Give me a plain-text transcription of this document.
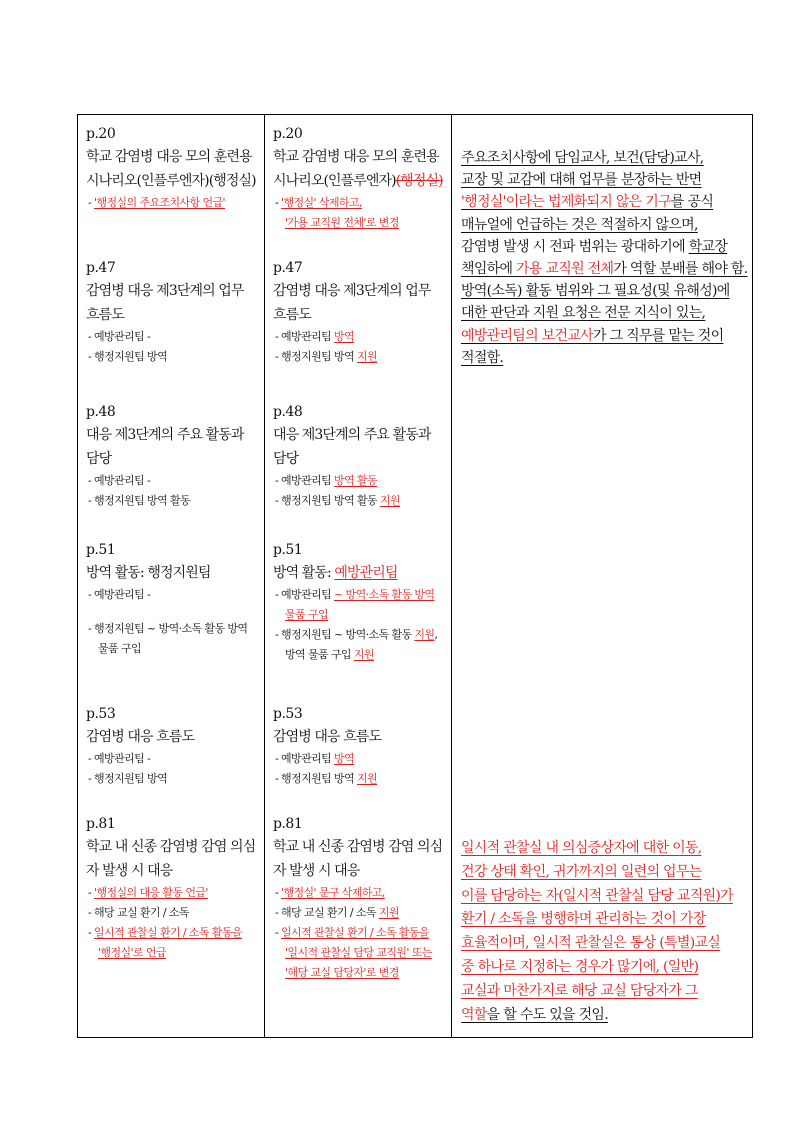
p.20
학교 감염병 대응 모의 훈련용 시나리오(인플루엔자)(행정실)
- '행정실의 주요조치사항 언급'
p.47
감염병 대응 제3단계의 업무 흐름도
- 예방관리팀 -
- 행정지원팀 방역
p.48
대응 제3단계의 주요 활동과 담당
- 예방관리팀 -
- 행정지원팀 방역 활동
p.51
방역 활동: 행정지원팀
- 예방관리팀 -
- 행정지원팀 ~ 방역·소독 활동 방역 물품 구입
p.53
감염병 대응 흐름도
- 예방관리팀 -
- 행정지원팀 방역
p.81
학교 내 신종 감염병 감염 의심자 발생 시 대응
- '행정실의 대응 활동 언급'
- 해당 교실 환기 / 소독
- 일시적 관찰실 환기 / 소독 활동을 '행정실'로 언급
p.20
학교 감염병 대응 모의 훈련용 시나리오(인플루엔자)(행정실)
- '행정실' 삭제하고,
'가용 교직원 전체'로 변경
p.47
감염병 대응 제3단계의 업무 흐름도
- 예방관리팀 방역
- 행정지원팀 방역 지원
p.48
대응 제3단계의 주요 활동과 담당
- 예방관리팀 방역 활동
- 행정지원팀 방역 활동 지원
p.51
방역 활동: 예방관리팀
- 예방관리팀 ~ 방역·소독 활동 방역 물품 구입
- 행정지원팀 ~ 방역·소독 활동 지원, 방역 물품 구입 지원
p.53
감염병 대응 흐름도
- 예방관리팀 방역
- 행정지원팀 방역 지원
p.81
학교 내 신종 감염병 감염 의심자 발생 시 대응
- '행정실' 문구 삭제하고,
- 해당 교실 환기 / 소독 지원
- 일시적 관찰실 환기 / 소독 활동을 '일시적 관찰실 담당 교직원' 또는 '해당 교실 담당자'로 변경
주요조치사항에 담임교사, 보건(담당)교사,
교장 및 교감에 대해 업무를 분장하는 반면
'행정실'이라는 법제화되지 않은 기구를 공식
매뉴얼에 언급하는 것은 적절하지 않으며,
감염병 발생 시 전파 범위는 광대하기에 학교장
책임하에 가용 교직원 전체가 역할 분배를 해야 함.
방역(소독) 활동 범위와 그 필요성(및 유해성)에
대한 판단과 지원 요청은 전문 지식이 있는,
예방관리팀의 보건교사가 그 직무를 맡는 것이
적절함.
일시적 관찰실 내 의심증상자에 대한 이동,
건강 상태 확인, 귀가까지의 일련의 업무는
이를 담당하는 자(일시적 관찰실 담당 교직원)가
환기 / 소독을 병행하며 관리하는 것이 가장
효율적이며, 일시적 관찰실은 통상 (특별)교실
중 하나로 지정하는 경우가 많기에, (일반)
교실과 마찬가지로 해당 교실 담당자가 그
역할을 할 수도 있을 것임.
